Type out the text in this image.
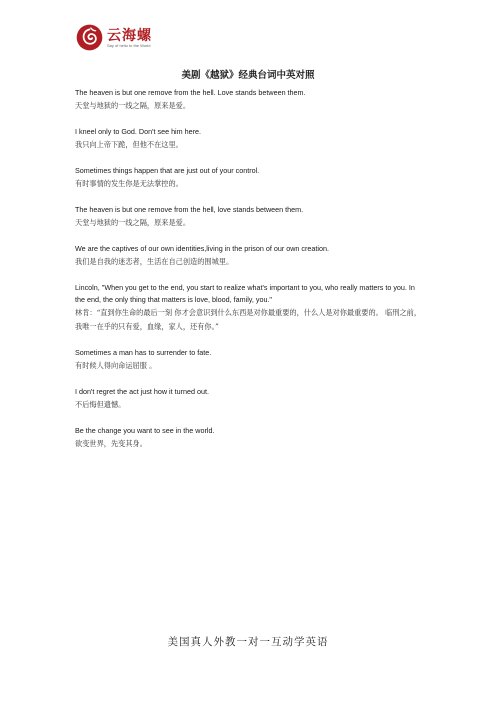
云海螺
Say of hello to the World
美剧《越狱》经典台词中英对照
The heaven is but one remove from the hell. Love stands between them.
天堂与地狱的一线之隔，原来是爱。
I kneel only to God. Don't see him here.
我只向上帝下跪，但他不在这里。
Sometimes things happen that are just out of your control.
有时事情的发生你是无法掌控的。
The heaven is but one remove from the hell, love stands between them.
天堂与地狱的一线之隔，原来是爱。
We are the captives of our own identities,living in the prison of our own creation.
我们是自我的迷恋者，生活在自己创造的围城里。
Lincoln, "When you get to the end, you start to realize what's important to you, who really matters to you. In the end, the only thing that matters is love, blood, family, you."
林肯：“直到你生命的最后一刻 你才会意识到什么东西是对你最重要的，什么人是对你最重要的。 临刑之前，我唯一在乎的只有爱，血缘，家人，还有你。”
Sometimes a man has to surrender to fate.
有时候人得向命运屈服 。
I don't regret the act just how it turned out.
不后悔但遗憾。
Be the change you want to see in the world.
欲变世界，先变其身。
美国真人外教一对一互动学英语
